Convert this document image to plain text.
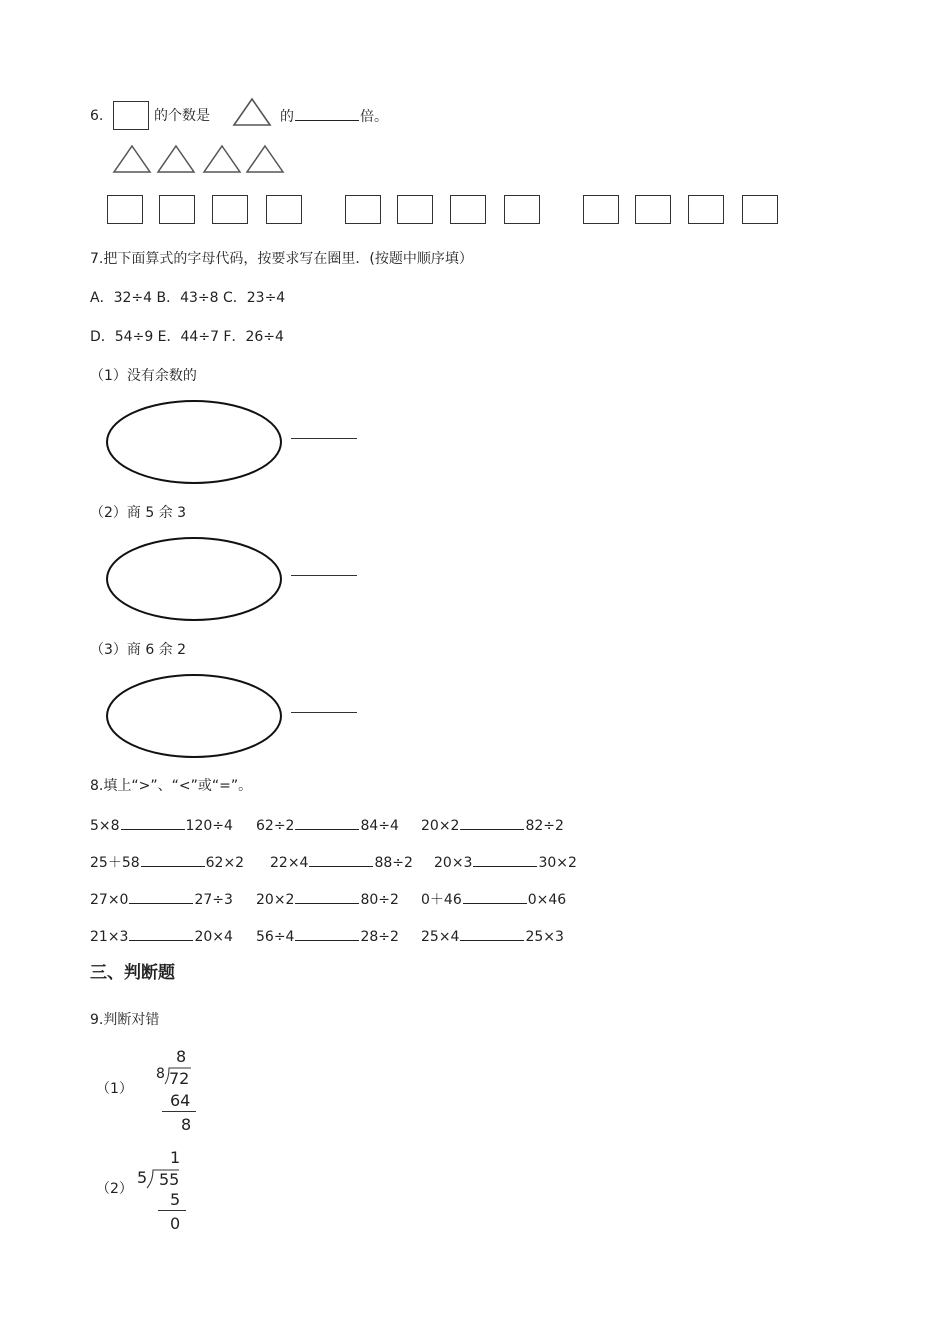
6.	的个数是	的	倍。
7.把下面算式的字母代码，按要求写在圈里．(按题中顺序填）
A．32÷4 B．43÷8 C．23÷4
D．54÷9 E．44÷7 F．26÷4
（1）没有余数的
（2）商 5 余 3
（3）商 6 余 2
8.填上“>”、“<”或“=”。
5×8	120÷4 62÷2	84÷4 20×2	82÷2
25＋58	62×2 22×4	88÷2 20×3	30×2
27×0	27÷3 20×2	80÷2 0＋46	0×46
21×3	20×4 56÷4	28÷2 25×4	25×3
三、判断题
9.判断对错
（1）
8
8 72
64
8
（2）
1
5 55
5
0
